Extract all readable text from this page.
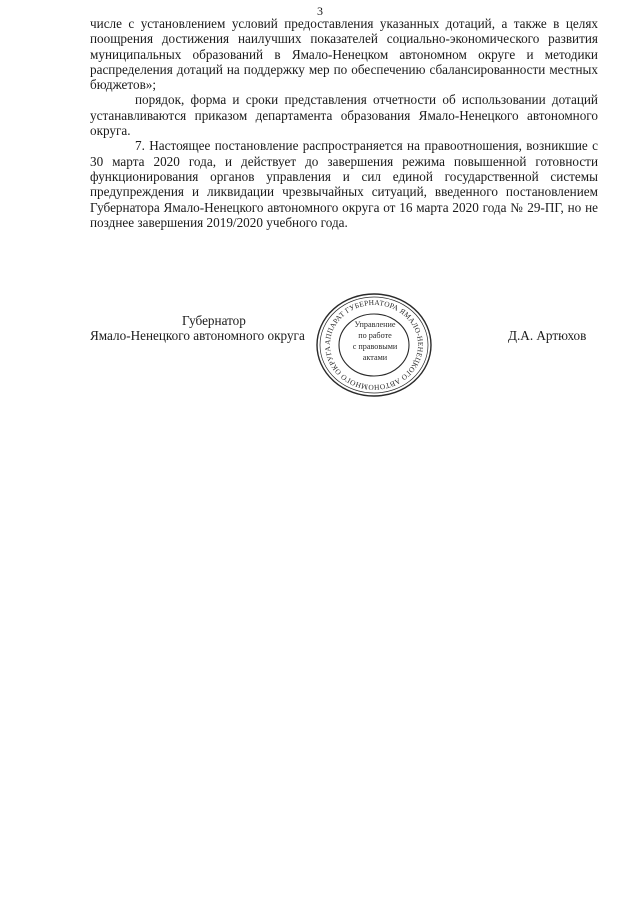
3

числе с установлением условий предоставления указанных дотаций, а также в целях поощрения достижения наилучших показателей социально-экономического развития муниципальных образований в Ямало-Ненецком автономном округе и методики распределения дотаций на поддержку мер по обеспечению сбалансированности местных бюджетов»;

порядок, форма и сроки представления отчетности об использовании дотаций устанавливаются приказом департамента образования Ямало-Ненецкого автономного округа.

7. Настоящее постановление распространяется на правоотношения, возникшие с 30 марта 2020 года, и действует до завершения режима повышенной готовности функционирования органов управления и сил единой государственной системы предупреждения и ликвидации чрезвычайных ситуаций, введенного постановлением Губернатора Ямало-Ненецкого автономного округа от 16 марта 2020 года № 29-ПГ, но не позднее завершения 2019/2020 учебного года.

Губернатор
Ямало-Ненецкого автономного округа	Д.А. Артюхов
АППАРАТ ГУБЕРНАТОРА ЯМАЛО-НЕНЕЦКОГО АВТОНОМНОГО ОКРУГА
Управление
по работе
с правовыми
актами
